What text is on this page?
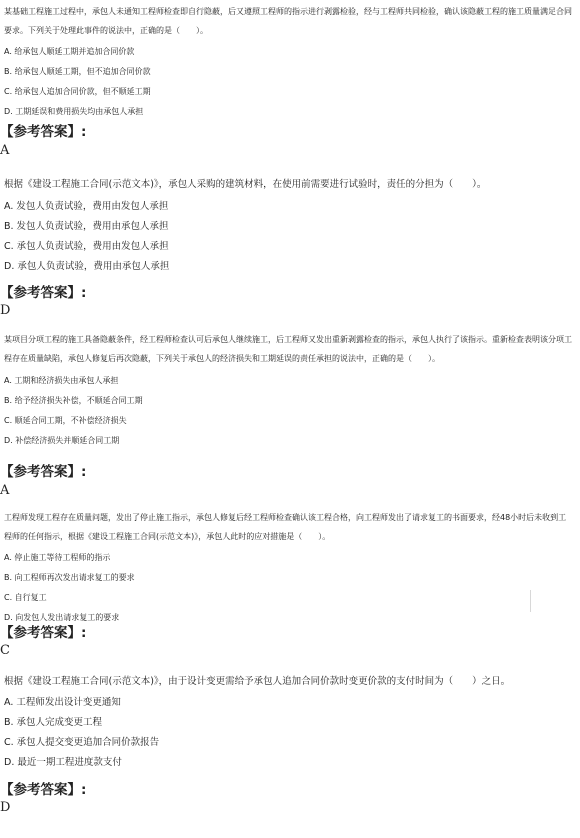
某基础工程施工过程中，承包人未通知工程师检查即自行隐蔽，后又遵照工程师的指示进行剥露检验，经与工程师共同检验，确认该隐蔽工程的施工质量满足合同要求。下列关于处理此事件的说法中，正确的是（　　）。

A. 给承包人顺延工期并追加合同价款

B. 给承包人顺延工期，但不追加合同价款

C. 给承包人追加合同价款，但不顺延工期

D. 工期延误和费用损失均由承包人承担

【参考答案】:
A

根据《建设工程施工合同(示范文本)》，承包人采购的建筑材料，在使用前需要进行试验时，责任的分担为（　　）。

A. 发包人负责试验，费用由发包人承担

B. 发包人负责试验，费用由承包人承担

C. 承包人负责试验，费用由发包人承担

D. 承包人负责试验，费用由承包人承担

【参考答案】:
D

某项目分项工程的施工具备隐蔽条件，经工程师检查认可后承包人继续施工，后工程师又发出重新剥露检查的指示，承包人执行了该指示。重新检查表明该分项工程存在质量缺陷，承包人修复后再次隐蔽，下列关于承包人的经济损失和工期延误的责任承担的说法中，正确的是（　　）。

A. 工期和经济损失由承包人承担

B. 给予经济损失补偿，不顺延合同工期

C. 顺延合同工期，不补偿经济损失

D. 补偿经济损失并顺延合同工期

【参考答案】:
A

工程师发现工程存在质量问题，发出了停止施工指示，承包人修复后经工程师检查确认该工程合格，向工程师发出了请求复工的书面要求，经48小时后未收到工程师的任何指示，根据《建设工程施工合同(示范文本)》，承包人此时的应对措施是（　　）。

A. 停止施工等待工程师的指示

B. 向工程师再次发出请求复工的要求

C. 自行复工

D. 向发包人发出请求复工的要求

【参考答案】:
C

根据《建设工程施工合同(示范文本)》，由于设计变更需给予承包人追加合同价款时变更价款的支付时间为（　　）之日。

A. 工程师发出设计变更通知

B. 承包人完成变更工程

C. 承包人提交变更追加合同价款报告

D. 最近一期工程进度款支付

【参考答案】:
D
